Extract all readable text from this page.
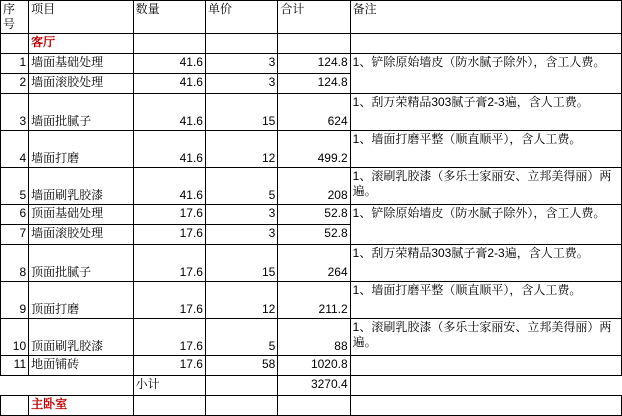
序号	项目	数量	单价	合计	备注
	客厅				
1	墙面基础处理	41.6	3	124.8	1、铲除原始墙皮（防水腻子除外），含工人费。
2	墙面滚胶处理	41.6	3	124.8	
3	墙面批腻子	41.6	15	624	1、刮万荣精品303腻子膏2-3遍，含人工费。
4	墙面打磨	41.6	12	499.2	1、墙面打磨平整（顺直顺平），含人工费。
5	墙面刷乳胶漆	41.6	5	208	1、滚刷乳胶漆（多乐士家丽安、立邦美得丽）两遍。
6	顶面基础处理	17.6	3	52.8	1、铲除原始墙皮（防水腻子除外），含工人费。
7	墙面滚胶处理	17.6	3	52.8	
8	顶面批腻子	17.6	15	264	1、刮万荣精品303腻子膏2-3遍，含人工费。
9	顶面打磨	17.6	12	211.2	1、墙面打磨平整（顺直顺平），含人工费。
10	顶面刷乳胶漆	17.6	5	88	1、滚刷乳胶漆（多乐士家丽安、立邦美得丽）两遍。
11	地面铺砖	17.6	58	1020.8	
		小计		3270.4	
	主卧室				
